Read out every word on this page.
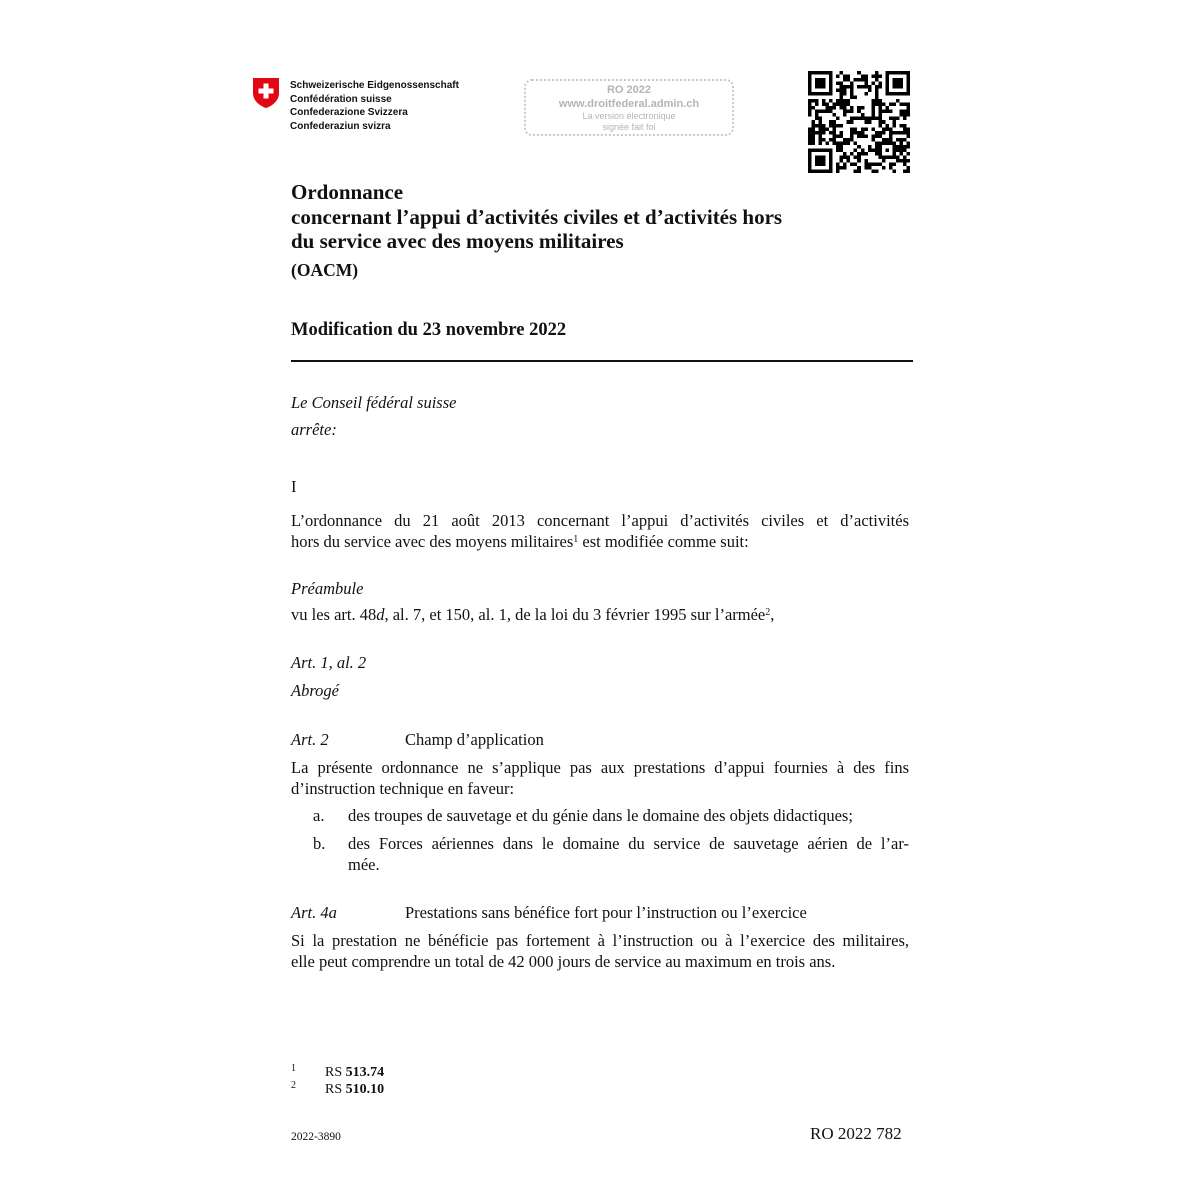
Schweizerische Eidgenossenschaft
Confédération suisse
Confederazione Svizzera
Confederaziun svizra
RO 2022
www.droitfederal.admin.ch
La version électronique
signée fait foi
Ordonnance
concernant l’appui d’activités civiles et d’activités hors
du service avec des moyens militaires
(OACM)
Modification du 23 novembre 2022
Le Conseil fédéral suisse
arrête:
I
L’ordonnance du 21 août 2013 concernant l’appui d’activités civiles et d’activités
hors du service avec des moyens militaires$^1$ est modifiée comme suit:
Préambule
vu les art. 48d, al. 7, et 150, al. 1, de la loi du 3 février 1995 sur l’armée$^2$,
Art. 1, al. 2
Abrogé
Art. 2	Champ d’application
La présente ordonnance ne s’applique pas aux prestations d’appui fournies à des fins
d’instruction technique en faveur:
a. des troupes de sauvetage et du génie dans le domaine des objets didactiques;
b. des Forces aériennes dans le domaine du service de sauvetage aérien de l’ar-
mée.
Art. 4a	Prestations sans bénéfice fort pour l’instruction ou l’exercice
Si la prestation ne bénéficie pas fortement à l’instruction ou à l’exercice des militaires,
elle peut comprendre un total de 42 000 jours de service au maximum en trois ans.
1 RS 513.74
2 RS 510.10
2022-3890	RO 2022 782
